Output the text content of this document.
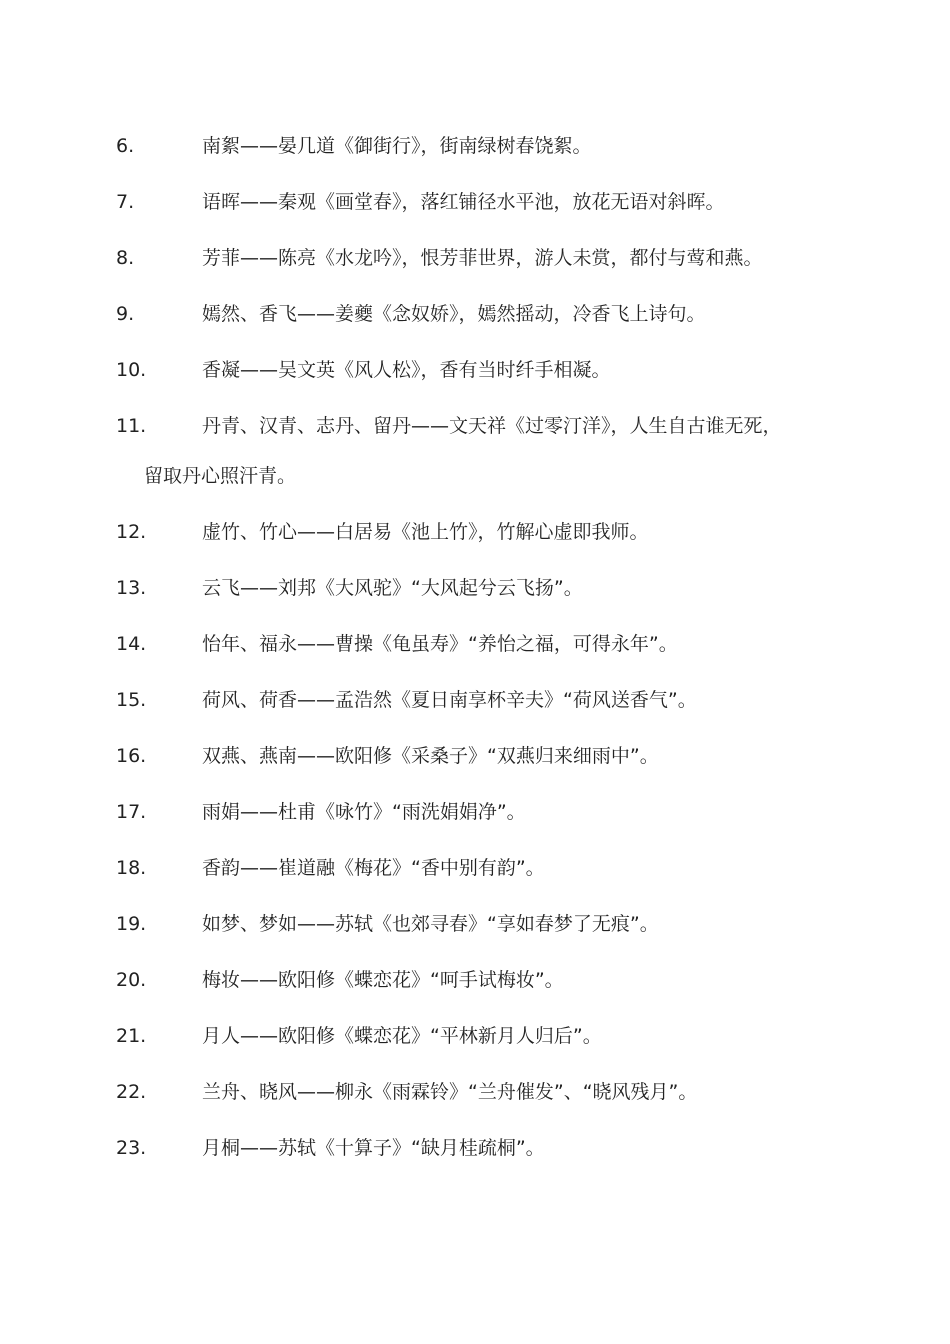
6.	南絮——晏几道《御街行》，街南绿树春饶絮。
7.	语晖——秦观《画堂春》，落红铺径水平池，放花无语对斜晖。
8.	芳菲——陈亮《水龙吟》，恨芳菲世界，游人未赏，都付与莺和燕。
9.	嫣然、香飞——姜夔《念奴娇》，嫣然摇动，冷香飞上诗句。
10.	香凝——吴文英《风人松》，香有当时纤手相凝。
11.	丹青、汉青、志丹、留丹——文天祥《过零汀洋》，人生自古谁无死，
留取丹心照汗青。
12.	虚竹、竹心——白居易《池上竹》，竹解心虚即我师。
13.	云飞——刘邦《大风驼》“大风起兮云飞扬”。
14.	怡年、福永——曹操《龟虽寿》“养怡之福，可得永年”。
15.	荷风、荷香——孟浩然《夏日南享杯辛夫》“荷风送香气”。
16.	双燕、燕南——欧阳修《采桑子》“双燕归来细雨中”。
17.	雨娟——杜甫《咏竹》“雨洗娟娟净”。
18.	香韵——崔道融《梅花》“香中别有韵”。
19.	如梦、梦如——苏轼《也郊寻春》“享如春梦了无痕”。
20.	梅妆——欧阳修《蝶恋花》“呵手试梅妆”。
21.	月人——欧阳修《蝶恋花》“平林新月人归后”。
22.	兰舟、晓风——柳永《雨霖铃》“兰舟催发”、“晓风残月”。
23.	月桐——苏轼《十算子》“缺月桂疏桐”。
